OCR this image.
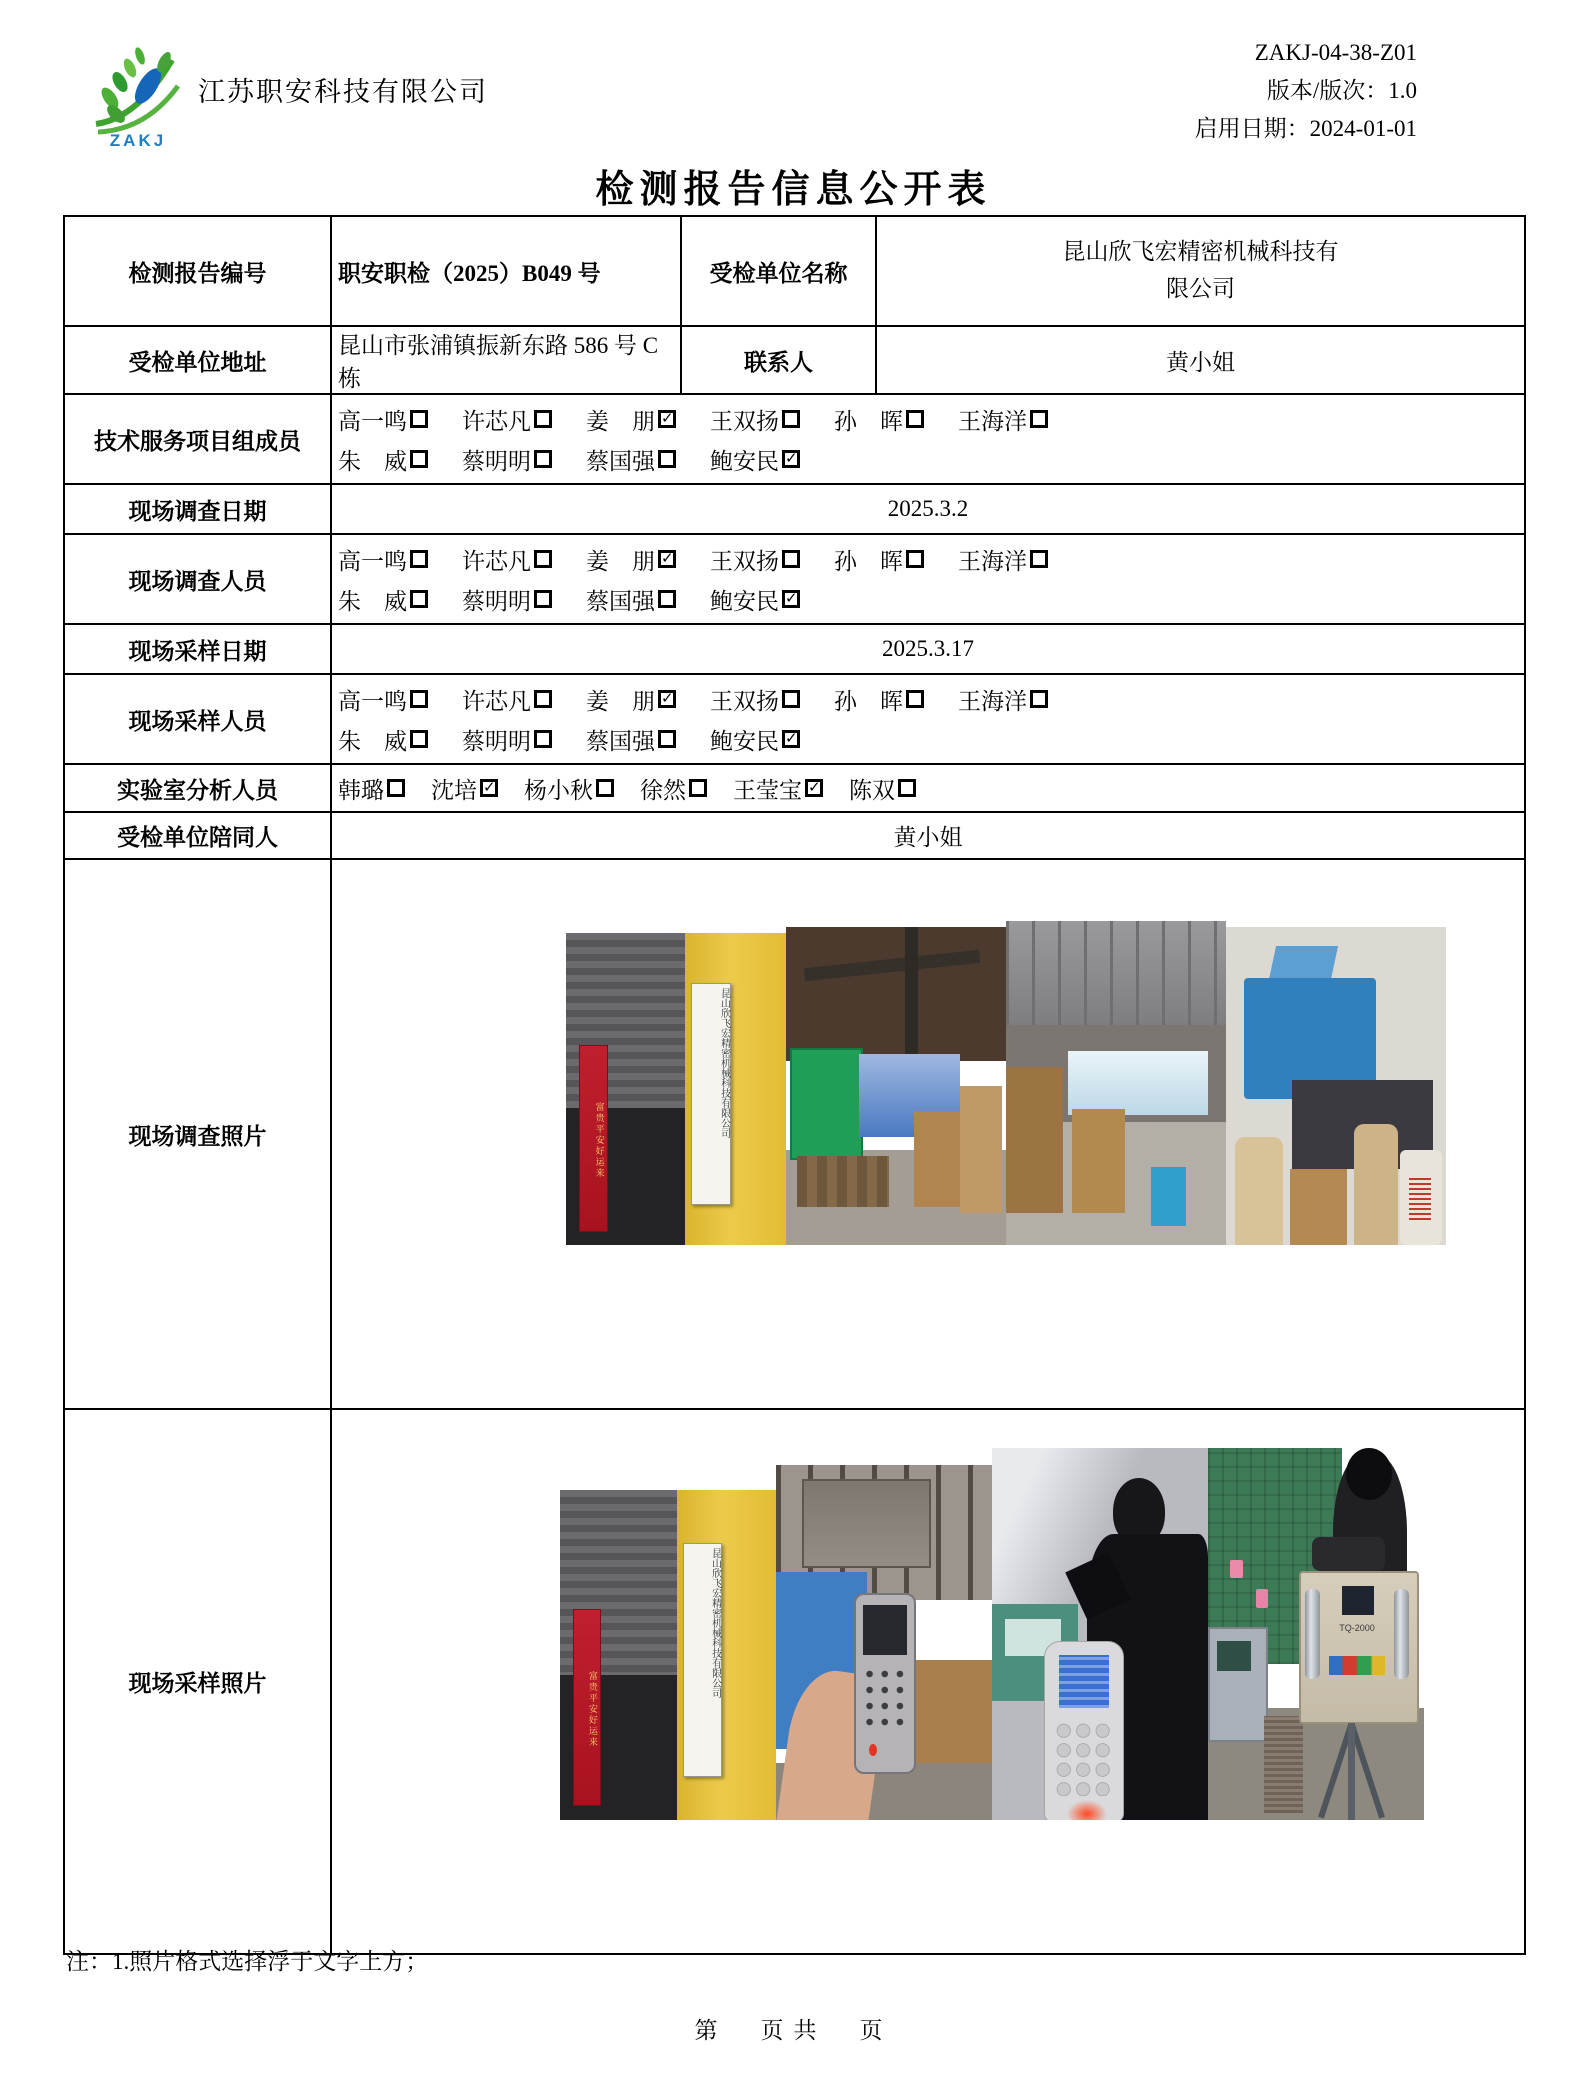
ZAKJ
江苏职安科技有限公司
ZAKJ-04-38-Z01
版本/版次：1.0
启用日期：2024-01-01
检测报告信息公开表
检测报告编号	职安职检（2025）B049 号	受检单位名称	昆山欣飞宏精密机械科技有限公司

受检单位地址	昆山市张浦镇振新东路 586 号 C 栋	联系人	黄小姐
技术服务项目组成员	
高一鸣 许芯凡 姜　朋 ✓ 王双扬 孙　晖 王海洋
朱　威 蔡明明 蔡国强 鲍安民 ✓

现场调查日期	2025.3.2		
现场调查人员	
高一鸣 许芯凡 姜　朋 ✓ 王双扬 孙　晖 王海洋
朱　威 蔡明明 蔡国强 鲍安民 ✓

现场采样日期	2025.3.17		
现场采样人员	
高一鸣 许芯凡 姜　朋 ✓ 王双扬 孙　晖 王海洋
朱　威 蔡明明 蔡国强 鲍安民 ✓

实验室分析人员	韩璐 沈培 ✓ 杨小秋 徐然 王莹宝 ✓ 陈双

受检单位陪同人	黄小姐		
现场调查照片	富贵平安好运来
昆山欣飞宏精密机械科技有限公司		

现场采样照片	富贵平安好运来
昆山欣飞宏精密机械科技有限公司 TQ-2000		
注：1.照片格式选择浮于文字上方；
第　页共　页
